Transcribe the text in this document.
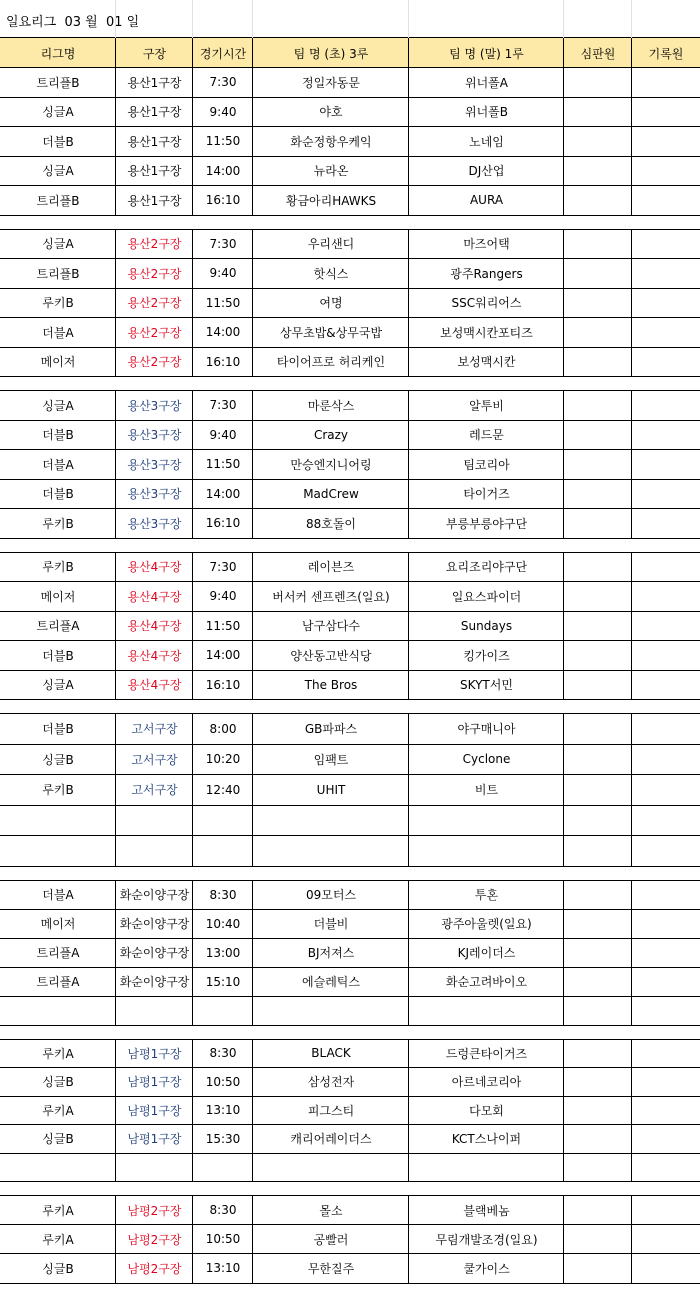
일요리그  03 월  01 일
리그명	구장	경기시간	팀 명 (초) 3루	팀 명 (말) 1루	심판원	기록원
트리플B	용산1구장	7:30	정일자동문	위너폴A
싱글A	용산1구장	9:40	야호	위너폴B
더블B	용산1구장	11:50	화순정항우케익	노네임
싱글A	용산1구장	14:00	뉴라온	DJ산업
트리플B	용산1구장	16:10	황금아리HAWKS	AURA
싱글A	용산2구장	7:30	우리샌디	마즈어택
트리플B	용산2구장	9:40	핫식스	광주Rangers
루키B	용산2구장	11:50	여명	SSC워리어스
더블A	용산2구장	14:00	상무초밥&상무국밥	보성맥시칸포티즈
메이저	용산2구장	16:10	타이어프로 허리케인	보성맥시칸
싱글A	용산3구장	7:30	마룬삭스	알투비
더블B	용산3구장	9:40	Crazy	레드문
더블A	용산3구장	11:50	만승엔지니어링	팀코리아
더블B	용산3구장	14:00	MadCrew	타이거즈
루키B	용산3구장	16:10	88호돌이	부릉부릉야구단
루키B	용산4구장	7:30	레이븐즈	요리조리야구단
메이저	용산4구장	9:40	버서커 센프렌즈(일요)	일요스파이더
트리플A	용산4구장	11:50	남구삼다수	Sundays
더블B	용산4구장	14:00	양산동고반식당	킹가이즈
싱글A	용산4구장	16:10	The Bros	SKYT서민
더블B	고서구장	8:00	GB파파스	야구매니아
싱글B	고서구장	10:20	임팩트	Cyclone
루키B	고서구장	12:40	UHIT	비트
더블A	화순이양구장	8:30	09모터스	투혼
메이저	화순이양구장	10:40	더블비	광주아울렛(일요)
트리플A	화순이양구장	13:00	BJ저져스	KJ레이더스
트리플A	화순이양구장	15:10	에슬레틱스	화순고려바이오
루키A	남평1구장	8:30	BLACK	드렁큰타이거즈
싱글B	남평1구장	10:50	삼성전자	아르네코리아
루키A	남평1구장	13:10	피그스티	다모회
싱글B	남평1구장	15:30	캐리어레이더스	KCT스나이퍼
루키A	남평2구장	8:30	몰소	블랙베놈
루키A	남평2구장	10:50	공빨러	무림개발조경(일요)
싱글B	남평2구장	13:10	무한질주	쿨가이스
